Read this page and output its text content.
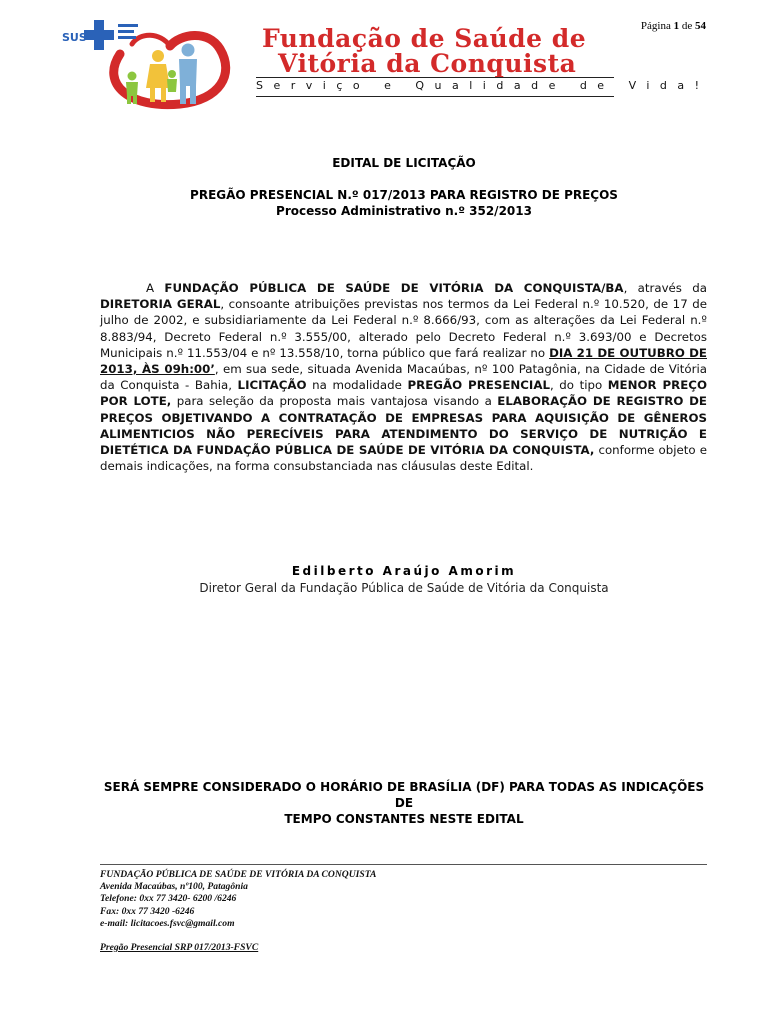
Página 1 de 54
SUS	Fundação de Saúde de
Vitória da Conquista
Serviço e Qualidade de Vida!
EDITAL DE LICITAÇÃO
PREGÃO PRESENCIAL N.º 017/2013 PARA REGISTRO DE PREÇOS
Processo Administrativo n.º 352/2013

A FUNDAÇÃO PÚBLICA DE SAÚDE DE VITÓRIA DA CONQUISTA/BA, através da DIRETORIA GERAL, consoante atribuições previstas nos termos da Lei Federal n.º 10.520, de 17 de julho de 2002, e subsidiariamente da Lei Federal n.º 8.666/93, com as alterações da Lei Federal n.º 8.883/94, Decreto Federal n.º 3.555/00, alterado pelo Decreto Federal n.º 3.693/00 e Decretos Municipais n.º 11.553/04 e nº 13.558/10, torna público que fará realizar no DIA 21 DE OUTUBRO DE 2013, ÀS 09h:00’, em sua sede, situada Avenida Macaúbas, nº 100 Patagônia, na Cidade de Vitória da Conquista - Bahia, LICITAÇÃO na modalidade PREGÃO PRESENCIAL, do tipo MENOR PREÇO POR LOTE, para seleção da proposta mais vantajosa visando a ELABORAÇÃO DE REGISTRO DE PREÇOS OBJETIVANDO A CONTRATAÇÃO DE EMPRESAS PARA AQUISIÇÃO DE GÊNEROS ALIMENTICIOS NÃO PERECÍVEIS PARA ATENDIMENTO DO SERVIÇO DE NUTRIÇÃO E DIETÉTICA DA FUNDAÇÃO PÚBLICA DE SAÚDE DE VITÓRIA DA CONQUISTA, conforme objeto e demais indicações, na forma consubstanciada nas cláusulas deste Edital.

Edilberto Araújo Amorim
Diretor Geral da Fundação Pública de Saúde de Vitória da Conquista
SERÁ SEMPRE CONSIDERADO O HORÁRIO DE BRASÍLIA (DF) PARA TODAS AS INDICAÇÕES DE
TEMPO CONSTANTES NESTE EDITAL
FUNDAÇÃO PÚBLICA DE SAÚDE DE VITÓRIA DA CONQUISTA
Avenida Macaúbas, nº100, Patagônia
Telefone: 0xx 77 3420- 6200 /6246
Fax: 0xx 77 3420 -6246
e-mail: licitacoes.fsvc@gmail.com
Pregão Presencial SRP 017/2013-FSVC
